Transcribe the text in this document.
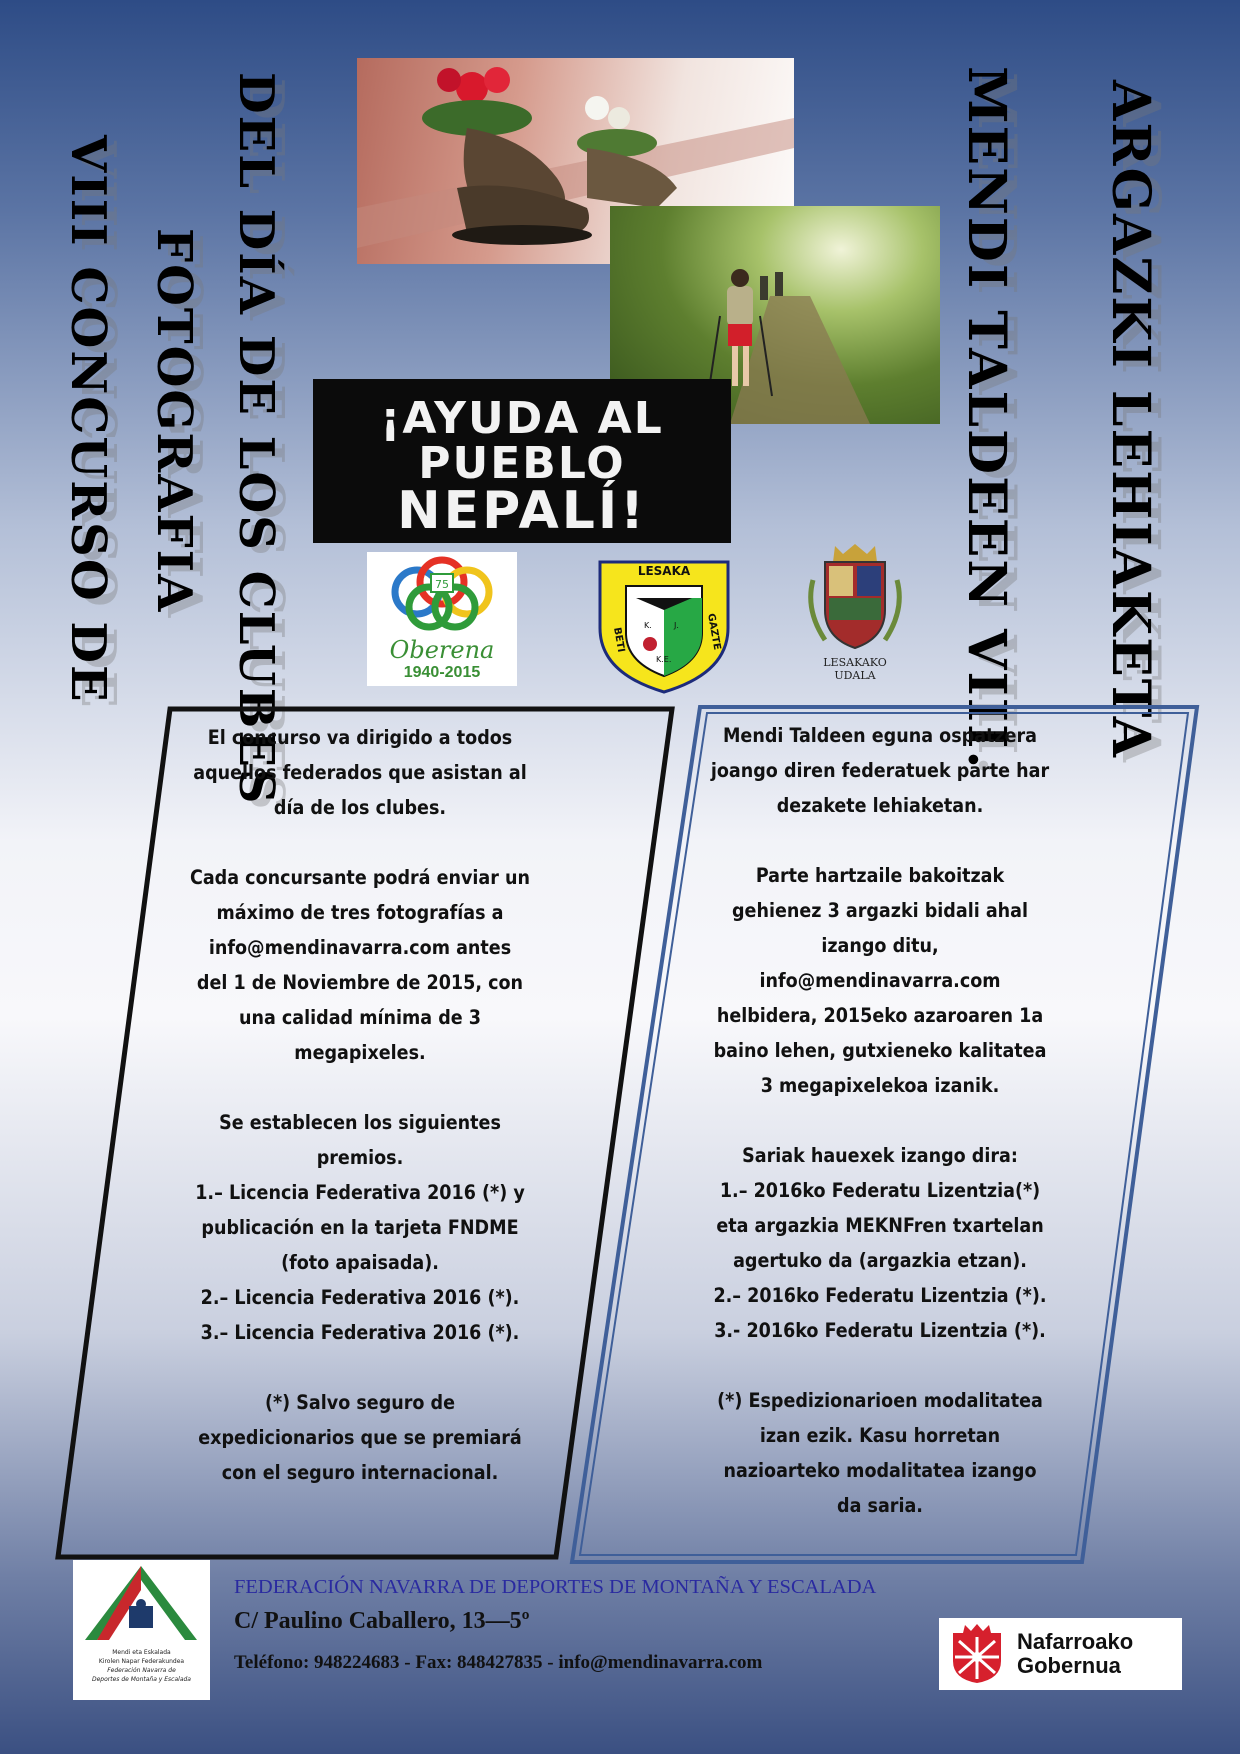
VIII CONCURSO DE FOTOGRAFIA DEL DÍA DE LOS CLUBES	MENDI TALDEEN VIII. ARGAZKI LEHIAKETA
¡AYUDA AL
PUEBLO
NEPALÍ!
75
Oberena
1940-2015
LESAKA
BETI	GAZTE
K.	J.
K.E.	LESAKAKO
UDALA
El concurso va dirigido a todos
aquellos federados que asistan al
día de los clubes.

Cada concursante podrá enviar un
máximo de tres fotografías a
info@mendinavarra.com antes
del 1 de Noviembre de 2015, con
una calidad mínima de 3
megapixeles.

Se establecen los siguientes
premios.
1.– Licencia Federativa 2016 (*) y
publicación en la tarjeta FNDME
(foto apaisada).
2.– Licencia Federativa 2016 (*).
3.– Licencia Federativa 2016 (*).

(*) Salvo seguro de
expedicionarios que se premiará
con el seguro internacional.
Mendi Taldeen eguna ospatzera
joango diren federatuek parte har
dezakete lehiaketan.

Parte hartzaile bakoitzak
gehienez 3 argazki bidali ahal
izango ditu,
info@mendinavarra.com
helbidera, 2015eko azaroaren 1a
baino lehen, gutxieneko kalitatea
3 megapixelekoa izanik.

Sariak hauexek izango dira:
1.– 2016ko Federatu Lizentzia(*)
eta argazkia MEKNFren txartelan
agertuko da (argazkia etzan).
2.– 2016ko Federatu Lizentzia (*).
3.- 2016ko Federatu Lizentzia (*).

(*) Espedizionarioen modalitatea
izan ezik. Kasu horretan
nazioarteko modalitatea izango
da saria.
Mendi eta Eskalada
Kirolen Napar Federakundea
Federación Navarra de
Deportes de Montaña y Escalada
FEDERACIÓN NAVARRA DE DEPORTES DE MONTAÑA Y ESCALADA
C/ Paulino Caballero, 13—5º
Teléfono: 948224683 - Fax: 848427835 - info@mendinavarra.com
Nafarroako
Gobernua
